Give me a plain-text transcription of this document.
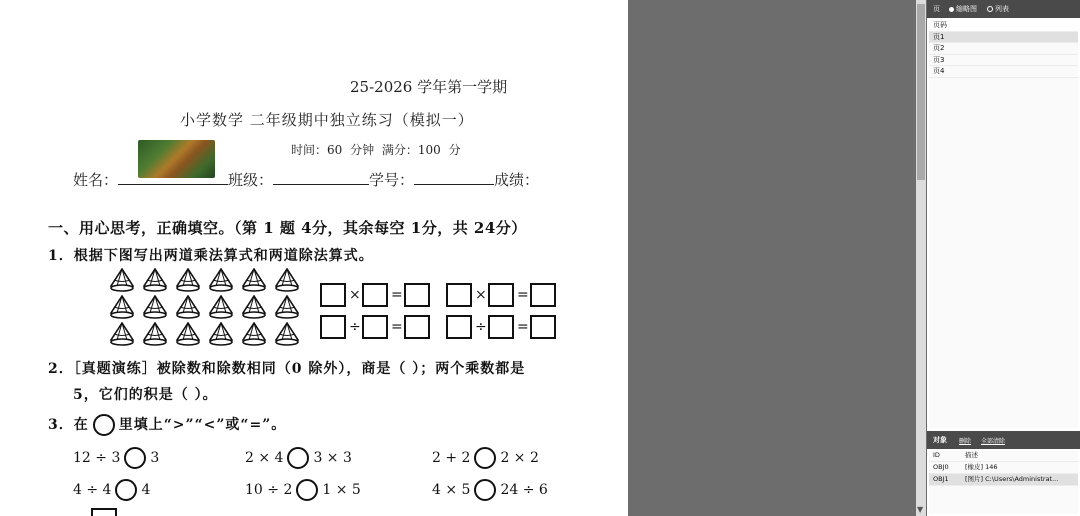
25-2026 学年第一学期
小学数学 二年级期中独立练习（模拟一）
时间：60 分钟 满分：100 分
姓名：	班级：	学号：	成绩：
一、用心思考，正确填空。（第 1 题 4分，其余每空 1分，共 24分）
1．根据下图写出两道乘法算式和两道除法算式。
× =	× =
÷ =	÷ =
2．［真题演练］被除数和除数相同（0 除外），商是（ ）；两个乘数都是
5，它们的积是（ ）。
3．在 里填上“>”“<”或“=”。
12 ÷ 3 3	2 × 4 3 × 3	2 + 2 2 × 2
4 ÷ 4 4	10 ÷ 2 1 × 5	4 × 5 24 ÷ 6
▼
页 缩略图	列表
页码
页1
页2
页3
页4
对象 删除 全部清除
ID	描述
OBJ0	[橡皮] 146
OBJ1	[图片] C:\Users\Administrat...
